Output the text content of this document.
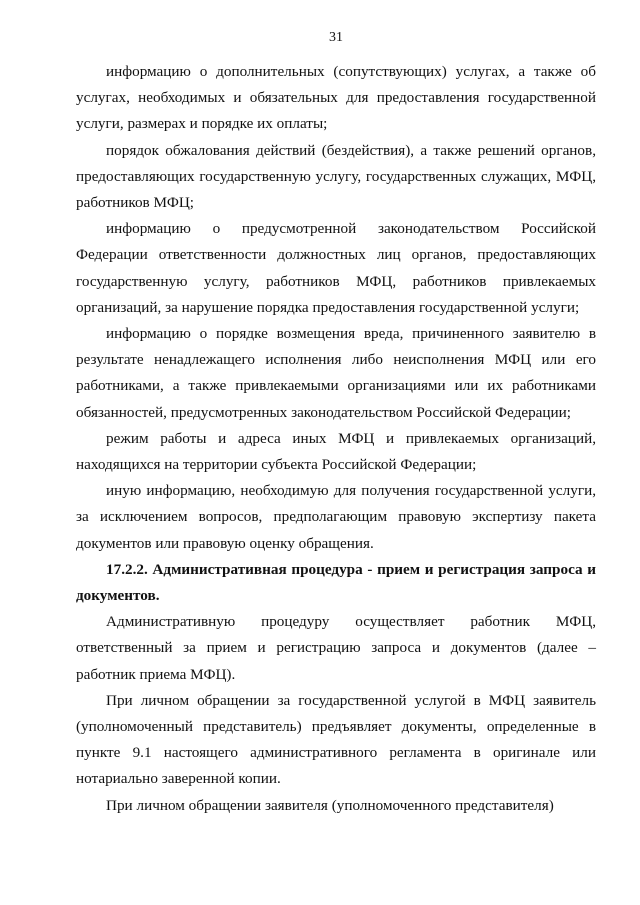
31

информацию о дополнительных (сопутствующих) услугах, а также об услугах, необходимых и обязательных для предоставления государственной услуги, размерах и порядке их оплаты;

порядок обжалования действий (бездействия), а также решений органов, предоставляющих государственную услугу, государственных служащих, МФЦ, работников МФЦ;

информацию о предусмотренной законодательством Российской Федерации ответственности должностных лиц органов, предоставляющих государственную услугу, работников МФЦ, работников привлекаемых организаций, за нарушение порядка предоставления государственной услуги;

информацию о порядке возмещения вреда, причиненного заявителю в результате ненадлежащего исполнения либо неисполнения МФЦ или его работниками, а также привлекаемыми организациями или их работниками обязанностей, предусмотренных законодательством Российской Федерации;

режим работы и адреса иных МФЦ и привлекаемых организаций, находящихся на территории субъекта Российской Федерации;

иную информацию, необходимую для получения государственной услуги, за исключением вопросов, предполагающим правовую экспертизу пакета документов или правовую оценку обращения.

17.2.2. Административная процедура - прием и регистрация запроса и документов.

Административную процедуру осуществляет работник МФЦ, ответственный за прием и регистрацию запроса и документов (далее – работник приема МФЦ).

При личном обращении за государственной услугой в МФЦ заявитель (уполномоченный представитель) предъявляет документы, определенные в пункте 9.1 настоящего административного регламента в оригинале или нотариально заверенной копии.

При личном обращении заявителя (уполномоченного представителя)
